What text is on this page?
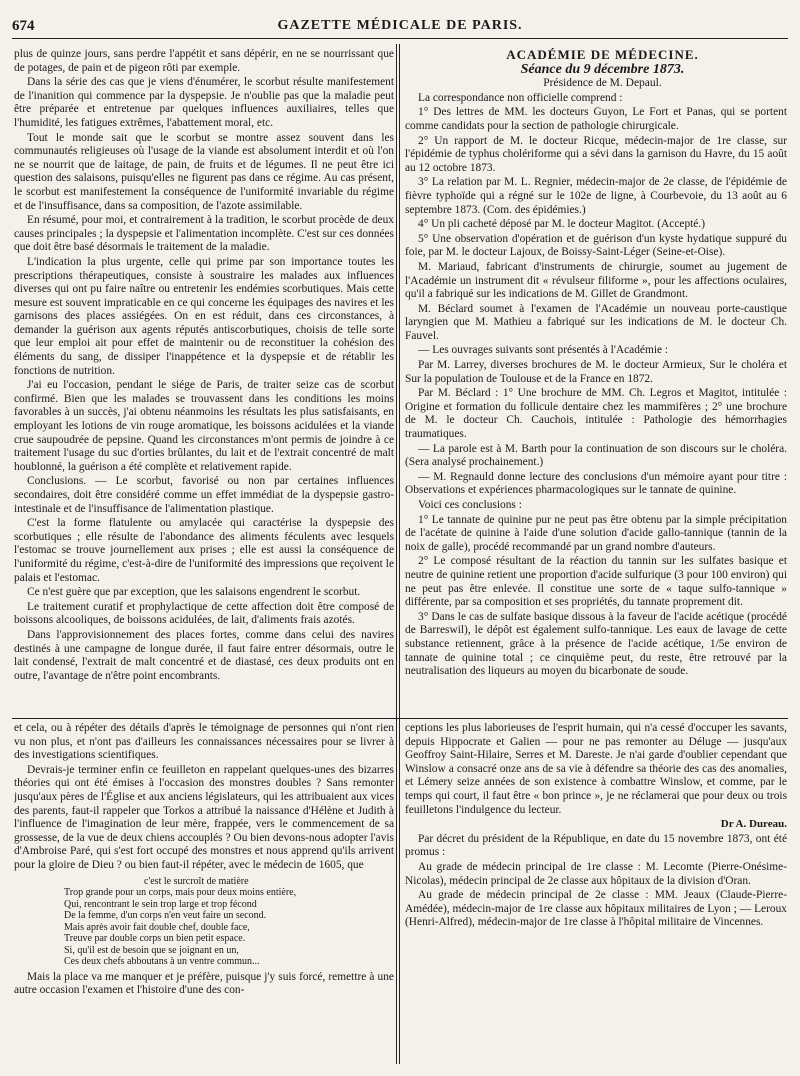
674	GAZETTE MÉDICALE DE PARIS.

plus de quinze jours, sans perdre l'appétit et sans dépérir, en ne se nourrissant que de potages, de pain et de pigeon rôti par exemple.

Dans la série des cas que je viens d'énumérer, le scorbut résulte manifestement de l'inanition qui commence par la dyspepsie. Je n'oublie pas que la maladie peut être préparée et entretenue par quelques influences auxiliaires, telles que l'humidité, les fatigues extrêmes, l'abattement moral, etc.

Tout le monde sait que le scorbut se montre assez souvent dans les communautés religieuses où l'usage de la viande est absolument interdit et où l'on ne se nourrit que de laitage, de pain, de fruits et de légumes. Il ne peut être ici question des salaisons, puisqu'elles ne figurent pas dans ce régime. Au cas présent, le scorbut est manifestement la conséquence de l'uniformité invariable du régime et de l'insuffisance, dans sa composition, de l'azote assimilable.

En résumé, pour moi, et contrairement à la tradition, le scorbut procède de deux causes principales ; la dyspepsie et l'alimentation incomplète. C'est sur ces données que doit être basé désormais le traitement de la maladie.

L'indication la plus urgente, celle qui prime par son importance toutes les prescriptions thérapeutiques, consiste à soustraire les malades aux influences diverses qui ont pu faire naître ou entretenir les endémies scorbutiques. Mais cette mesure est souvent impraticable en ce qui concerne les équipages des navires et les garnisons des places assiégées. On en est réduit, dans ces circonstances, à demander la guérison aux agents réputés antiscorbutiques, choisis de telle sorte que leur emploi ait pour effet de maintenir ou de reconstituer la cohésion des éléments du sang, de dissiper l'inappétence et la dyspepsie et de rétablir les fonctions de nutrition.

J'ai eu l'occasion, pendant le siége de Paris, de traiter seize cas de scorbut confirmé. Bien que les malades se trouvassent dans les conditions les moins favorables à un succès, j'ai obtenu néanmoins les résultats les plus satisfaisants, en employant les lotions de vin rouge aromatique, les boissons acidulées et la viande crue saupoudrée de pepsine. Quand les circonstances m'ont permis de joindre à ce traitement l'usage du suc d'orties brûlantes, du lait et de l'extrait concentré de malt houblonné, la guérison a été complète et relativement rapide.

Conclusions. — Le scorbut, favorisé ou non par certaines influences secondaires, doit être considéré comme un effet immédiat de la dyspepsie gastro-intestinale et de l'insuffisance de l'alimentation plastique.

C'est la forme flatulente ou amylacée qui caractérise la dyspepsie des scorbutiques ; elle résulte de l'abondance des aliments féculents avec lesquels l'estomac se trouve journellement aux prises ; elle est aussi la conséquence de l'uniformité du régime, c'est-à-dire de l'uniformité des impressions que reçoivent le palais et l'estomac.

Ce n'est guère que par exception, que les salaisons engendrent le scorbut.

Le traitement curatif et prophylactique de cette affection doit être composé de boissons alcooliques, de boissons acidulées, de lait, d'aliments frais azotés.

Dans l'approvisionnement des places fortes, comme dans celui des navires destinés à une campagne de longue durée, il faut faire entrer désormais, outre le lait condensé, l'extrait de malt concentré et de diastasé, ces deux produits ont en outre, l'avantage de n'être point encombrants.

ACADÉMIE DE MÉDECINE.

Séance du 9 décembre 1873.

Présidence de M. Depaul.

La correspondance non officielle comprend :

1° Des lettres de MM. les docteurs Guyon, Le Fort et Panas, qui se portent comme candidats pour la section de pathologie chirurgicale.

2° Un rapport de M. le docteur Ricque, médecin-major de 1re classe, sur l'épidémie de typhus cholériforme qui a sévi dans la garnison du Havre, du 15 août au 12 octobre 1873.

3° La relation par M. L. Regnier, médecin-major de 2e classe, de l'épidémie de fièvre typhoïde qui a régné sur le 102e de ligne, à Courbevoie, du 13 août au 6 septembre 1873. (Com. des épidémies.)

4° Un pli cacheté déposé par M. le docteur Magitot. (Accepté.)

5° Une observation d'opération et de guérison d'un kyste hydatique suppuré du foie, par M. le docteur Lajoux, de Boissy-Saint-Léger (Seine-et-Oise).

M. Mariaud, fabricant d'instruments de chirurgie, soumet au jugement de l'Académie un instrument dit « révulseur filiforme », pour les affections oculaires, qu'il a fabriqué sur les indications de M. Gillet de Grandmont.

M. Béclard soumet à l'examen de l'Académie un nouveau porte-caustique laryngien que M. Mathieu a fabriqué sur les indications de M. le docteur Ch. Fauvel.

— Les ouvrages suivants sont présentés à l'Académie :

Par M. Larrey, diverses brochures de M. le docteur Armieux, Sur le choléra et Sur la population de Toulouse et de la France en 1872.

Par M. Béclard : 1° Une brochure de MM. Ch. Legros et Magitot, intitulée : Origine et formation du follicule dentaire chez les mammifères ; 2° une brochure de M. le docteur Ch. Cauchois, intitulée : Pathologie des hémorrhagies traumatiques.

— La parole est à M. Barth pour la continuation de son discours sur le choléra. (Sera analysé prochainement.)

— M. Regnauld donne lecture des conclusions d'un mémoire ayant pour titre : Observations et expériences pharmacologiques sur le tannate de quinine.

Voici ces conclusions :

1° Le tannate de quinine pur ne peut pas être obtenu par la simple précipitation de l'acétate de quinine à l'aide d'une solution d'acide gallo-tannique (tannin de la noix de galle), procédé recommandé par un grand nombre d'auteurs.

2° Le composé résultant de la réaction du tannin sur les sulfates basique et neutre de quinine retient une proportion d'acide sulfurique (3 pour 100 environ) qui ne peut pas être enlevée. Il constitue une sorte de « taque sulfo-tannique » différente, par sa composition et ses propriétés, du tannate proprement dit.

3° Dans le cas de sulfate basique dissous à la faveur de l'acide acétique (procédé de Barreswil), le dépôt est également sulfo-tannique. Les eaux de lavage de cette substance retiennent, grâce à la présence de l'acide acétique, 1/5e environ de tannate de quinine total ; ce cinquième peut, du reste, être retrouvé par la neutralisation des liqueurs au moyen du bicarbonate de soude.

et cela, ou à répéter des détails d'après le témoignage de personnes qui n'ont rien vu non plus, et n'ont pas d'ailleurs les connaissances nécessaires pour se livrer à des investigations scientifiques.

Devrais-je terminer enfin ce feuilleton en rappelant quelques-unes des bizarres théories qui ont été émises à l'occasion des monstres doubles ? Sans remonter jusqu'aux pères de l'Église et aux anciens législateurs, qui les attribuaient aux vices des parents, faut-il rappeler que Torkos a attribué la naissance d'Hélène et Judith à l'influence de l'imagination de leur mère, frappée, vers le commencement de sa grossesse, de la vue de deux chiens accouplés ? Ou bien devons-nous adopter l'avis d'Ambroise Paré, qui s'est fort occupé des monstres et nous apprend qu'ils arrivent pour la gloire de Dieu ? ou bien faut-il répéter, avec le médecin de 1605, que

c'est le surcroît de matière
Trop grande pour un corps, mais pour deux moins entière,
Qui, rencontrant le sein trop large et trop fécond
De la femme, d'un corps n'en veut faire un second.
Mais après avoir fait double chef, double face,
Treuve par double corps un bien petit espace.
Si, qu'il est de besoin que se joignant en un,
Ces deux chefs abboutans à un ventre commun...

Mais la place va me manquer et je préfère, puisque j'y suis forcé, remettre à une autre occasion l'examen et l'histoire d'une des con-

ceptions les plus laborieuses de l'esprit humain, qui n'a cessé d'occuper les savants, depuis Hippocrate et Galien — pour ne pas remonter au Déluge — jusqu'aux Geoffroy Saint-Hilaire, Serres et M. Dareste. Je n'ai garde d'oublier cependant que Winslow a consacré onze ans de sa vie à défendre sa théorie des cas des anomalies, et Lémery seize années de son existence à combattre Winslow, et comme, par le temps qui court, il faut être « bon prince », je ne réclamerai que pour deux ou trois feuilletons l'indulgence du lecteur.

Dr A. Dureau.

Par décret du président de la République, en date du 15 novembre 1873, ont été promus :

Au grade de médecin principal de 1re classe : M. Lecomte (Pierre-Onésime-Nicolas), médecin principal de 2e classe aux hôpitaux de la division d'Oran.

Au grade de médecin principal de 2e classe : MM. Jeaux (Claude-Pierre-Amédée), médecin-major de 1re classe aux hôpitaux militaires de Lyon ; — Leroux (Henri-Alfred), médecin-major de 1re classe à l'hôpital militaire de Vincennes.
